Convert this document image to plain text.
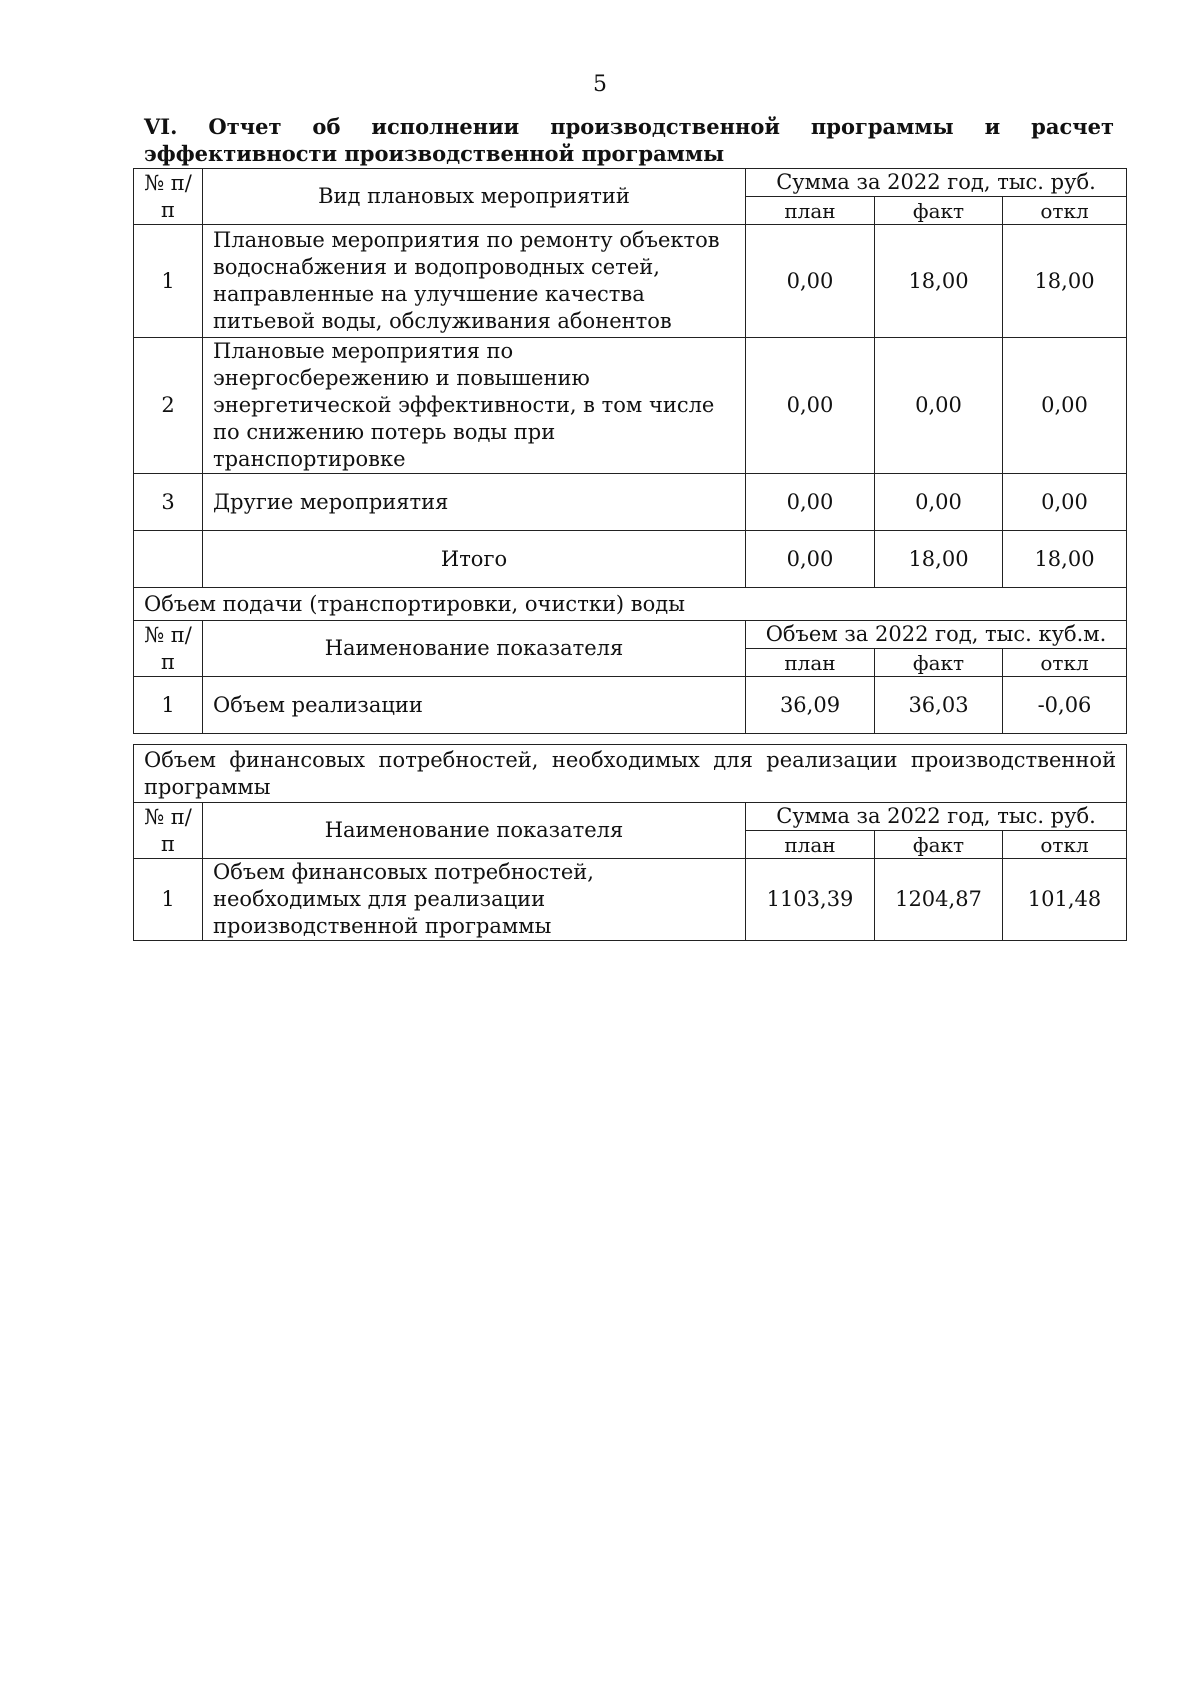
5

VI. Отчет об исполнении производственной программы и расчет эффективности производственной программы

№ п/п	Вид плановых мероприятий	Сумма за 2022 год, тыс. руб.		
		план	факт	откл
1	Плановые мероприятия по ремонту объектов водоснабжения и водопроводных сетей, направленные на улучшение качества питьевой воды, обслуживания абонентов	0,00	18,00	18,00
2	Плановые мероприятия по энергосбережению и повышению энергетической эффективности, в том числе по снижению потерь воды при транспортировке	0,00	0,00	0,00
3	Другие мероприятия	0,00	0,00	0,00
	Итого	0,00	18,00	18,00
Объем подачи (транспортировки, очистки) воды				
№ п/п	Наименование показателя	Объем за 2022 год, тыс. куб.м.		
		план	факт	откл
1	Объем реализации	36,09	36,03	-0,06
Объем финансовых потребностей, необходимых для реализации производственной программы				
№ п/п	Наименование показателя	Сумма за 2022 год, тыс. руб.		
		план	факт	откл
1	Объем финансовых потребностей, необходимых для реализации производственной программы	1103,39	1204,87	101,48
